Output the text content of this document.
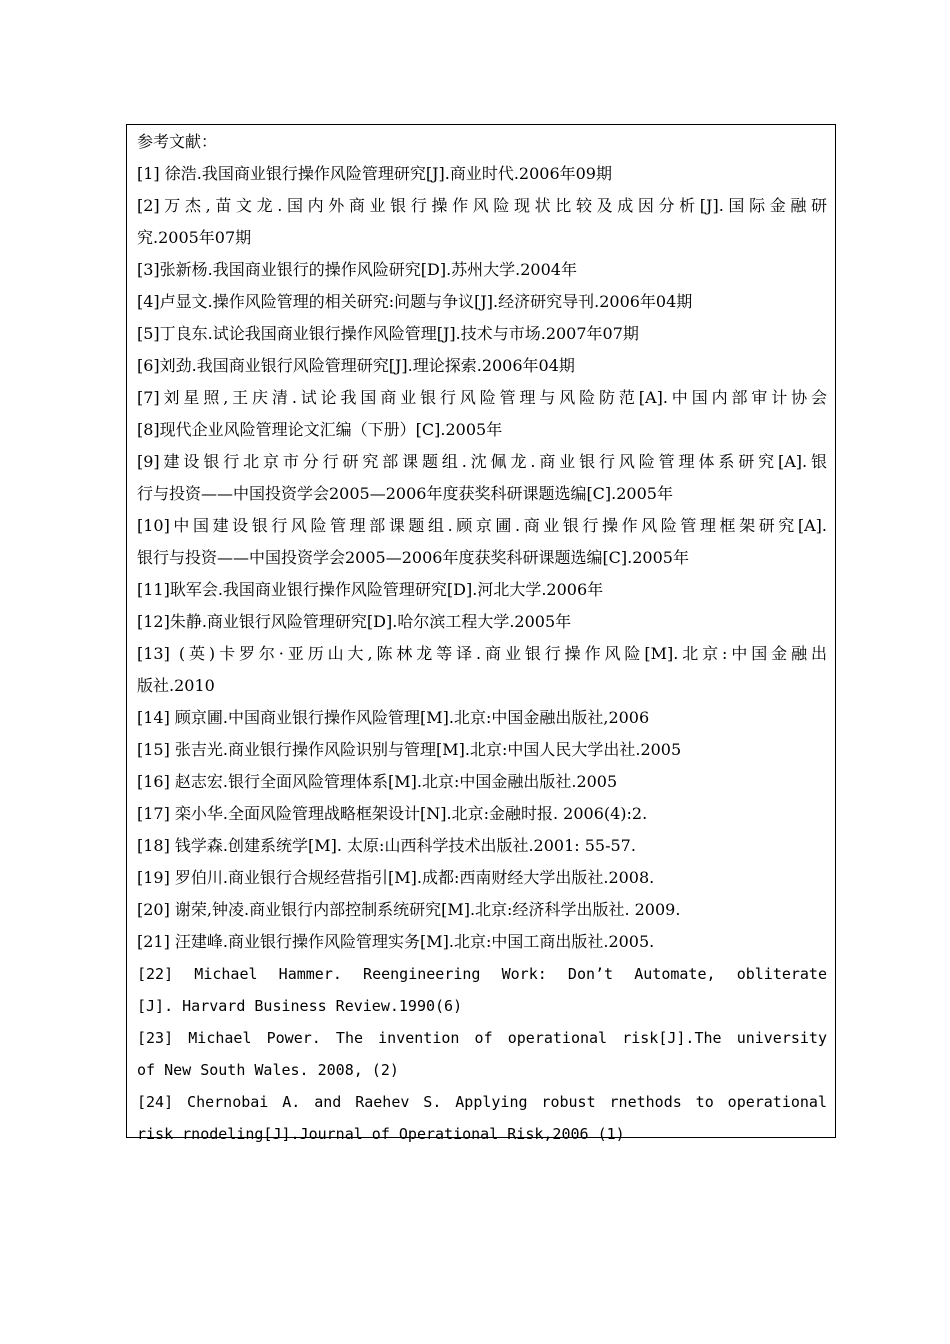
参考文献：
[1] 徐浩.我国商业银行操作风险管理研究[J].商业时代.2006年09期
[2]万杰,苗文龙.国内外商业银行操作风险现状比较及成因分析[J].国际金融研
究.2005年07期
[3]张新杨.我国商业银行的操作风险研究[D].苏州大学.2004年
[4]卢显文.操作风险管理的相关研究:问题与争议[J].经济研究导刊.2006年04期
[5]丁良东.试论我国商业银行操作风险管理[J].技术与市场.2007年07期
[6]刘劲.我国商业银行风险管理研究[J].理论探索.2006年04期
[7]刘星照,王庆清.试论我国商业银行风险管理与风险防范[A].中国内部审计协会
[8]现代企业风险管理论文汇编（下册）[C].2005年
[9]建设银行北京市分行研究部课题组.沈佩龙.商业银行风险管理体系研究[A].银
行与投资——中国投资学会2005—2006年度获奖科研课题选编[C].2005年
[10]中国建设银行风险管理部课题组.顾京圃.商业银行操作风险管理框架研究[A].
银行与投资——中国投资学会2005—2006年度获奖科研课题选编[C].2005年
[11]耿军会.我国商业银行操作风险管理研究[D].河北大学.2006年
[12]朱静.商业银行风险管理研究[D].哈尔滨工程大学.2005年
[13] (英)卡罗尔·亚历山大,陈林龙等译.商业银行操作风险[M].北京:中国金融出
版社.2010
[14] 顾京圃.中国商业银行操作风险管理[M].北京:中国金融出版社,2006
[15] 张吉光.商业银行操作风险识别与管理[M].北京:中国人民大学出社.2005
[16] 赵志宏.银行全面风险管理体系[M].北京:中国金融出版社.2005
[17] 栾小华.全面风险管理战略框架设计[N].北京:金融时报. 2006(4):2.
[18] 钱学森.创建系统学[M]. 太原:山西科学技术出版社.2001: 55-57.
[19] 罗伯川.商业银行合规经营指引[M].成都:西南财经大学出版社.2008.
[20] 谢荣,钟凌.商业银行内部控制系统研究[M].北京:经济科学出版社. 2009.
[21] 汪建峰.商业银行操作风险管理实务[M].北京:中国工商出版社.2005.
[22] Michael Hammer. Reengineering Work: Don’t Automate, obliterate
[J]. Harvard Business Review.1990(6)
[23] Michael Power. The invention of operational risk[J].The university
of New South Wales. 2008, (2)
[24] Chernobai A. and Raehev S. Applying robust rnethods to operational
risk rnodeling[J].Journal of Operational Risk,2006 (1)
